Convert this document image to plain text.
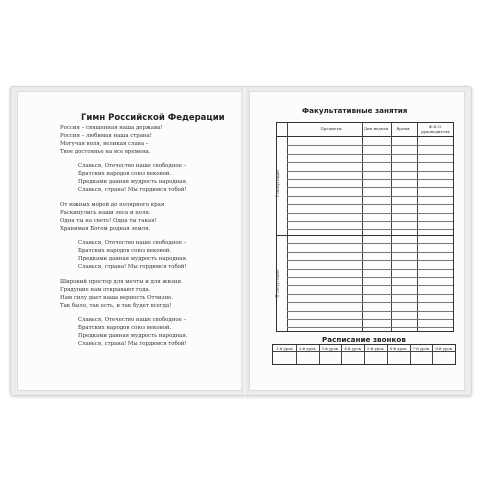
Гимн Российской Федерации
Россия – священная наша держава!
Россия – любимая наша страна!
Могучая воля, великая слава –
Твое достоянье на все времена.
Славься, Отечество наше свободное –
Братских народов союз вековой.
Предками данная мудрость народная.
Славься, страна! Мы гордимся тобой!
От южных морей до полярного края
Раскинулись наши леса и поля.
Одна ты на свете! Одна ты такая!
Хранимая Богом родная земля.
Славься, Отечество наше свободное –
Братских народов союз вековой.
Предками данная мудрость народная.
Славься, страна! Мы гордимся тобой!
Широкий простор для мечты и для жизни
Грядущие нам открывают года.
Нам силу дает наша верность Отчизне.
Так было, так есть, и так будет всегда!
Славься, Отечество наше свободное –
Братских народов союз вековой.
Предками данная мудрость народная.
Славься, страна! Мы гордимся тобой!
Факультативные занятия
Предметы	Дни недели	Время	Ф.И.О. руководителя
I полугодие
II полугодие
Расписание звонков
1-й урок	2-й урок	3-й урок	4-й урок	5-й урок	6-й урок	7-й урок	8-й урок
